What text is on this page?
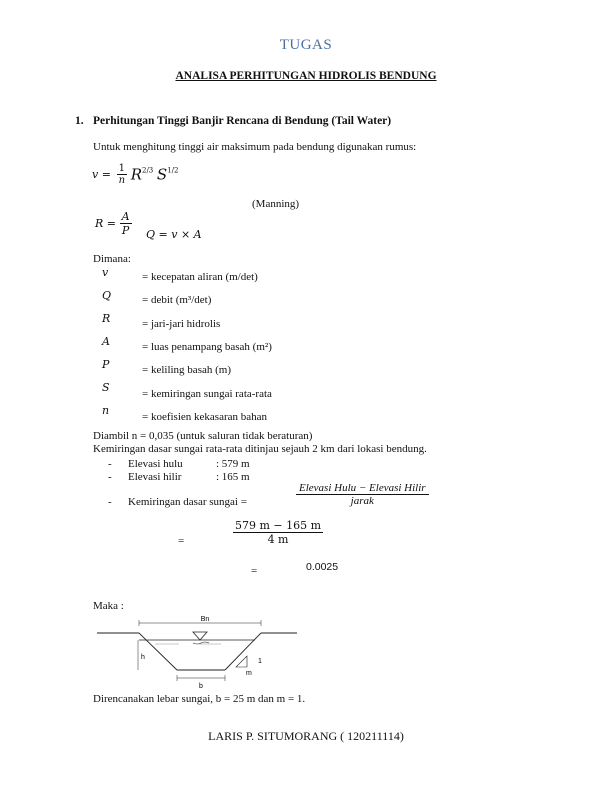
TUGAS
ANALISA PERHITUNGAN HIDROLIS BENDUNG
1. Perhitungan Tinggi Banjir Rencana di Bendung (Tail Water)
Untuk menghitung tinggi air maksimum pada bendung digunakan rumus:
$v = \frac{1}{n} R^{2/3}$ $S^{1/2}$
(Manning)
$R = \frac{A}{P}$ Q = v × A
Dimana:
v	= kecepatan aliran (m/det)
Q	= debit (m³/det)
R	= jari-jari hidrolis
A	= luas penampang basah (m²)
P	= keliling basah (m)
S	= kemiringan sungai rata-rata
n	= koefisien kekasaran bahan
Diambil n = 0,035 (untuk saluran tidak beraturan)
Kemiringan dasar sungai rata-rata ditinjau sejauh 2 km dari lokasi bendung.
- Elevasi hulu	: 579 m
- Elevasi hilir	: 165 m
- Kemiringan dasar sungai =	$\frac{\text{Elevasi Hulu − Elevasi Hilir}}{\text{jarak}}$
=	$\frac{579 m - 165 m}{4 m}$
=	0.0025
Maka :
Bn
h
b
1
m
Direncanakan lebar sungai, b = 25 m dan m = 1.
LARIS P. SITUMORANG ( 120211114)
